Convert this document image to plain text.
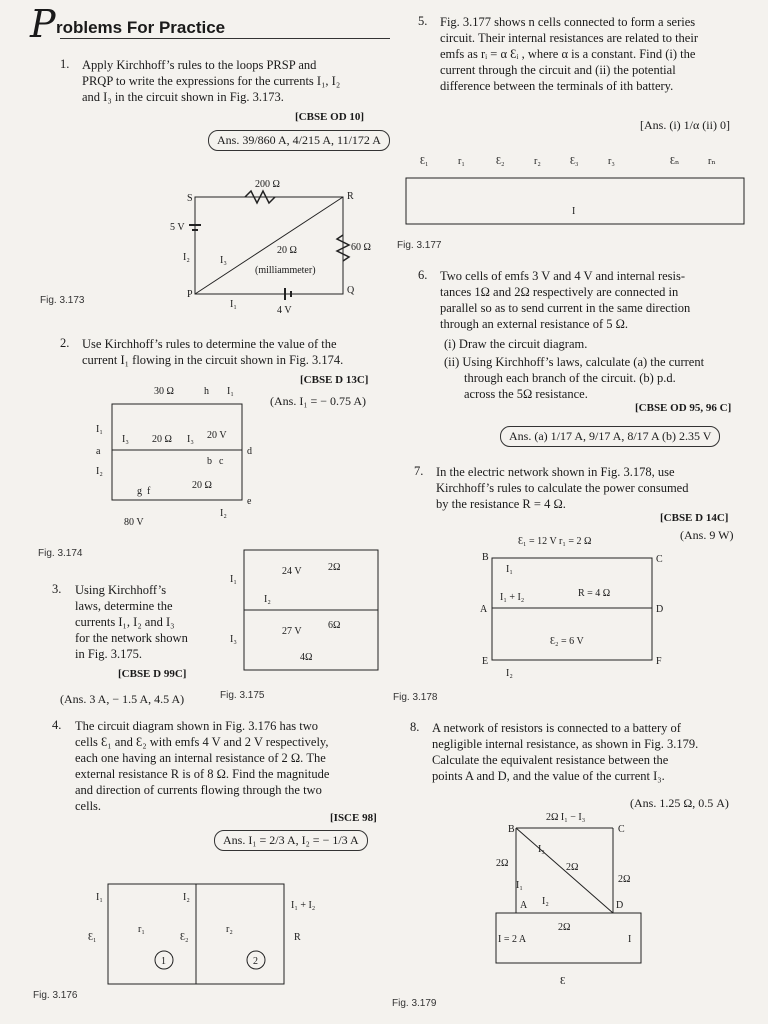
P roblems For Practice
1. Apply Kirchhoff’s rules to the loops PRSP and
PRQP to write the expressions for the currents I₁, I₂
and I₃ in the circuit shown in Fig. 3.173.
[CBSE OD 10]
Ans. 39/860 A, 4/215 A, 11/172 A
Fig. 3.173
200 Ω
S	R
P	Q
5 V
20 Ω
(milliammeter)
60 Ω
4 V
I₂	I₃
I₁
2. Use Kirchhoff’s rules to determine the value of the
current I₁ flowing in the circuit shown in Fig. 3.174.
[CBSE D 13C]
(Ans. I₁ = − 0.75 A)
Fig. 3.174
30 Ω	h I₁
I₁
a
I₃ 20 Ω I₃ 20 V
b c
d
I₂
g f
20 Ω
e
I₂
80 V
3. Using Kirchhoff’s
laws, determine the
currents I₁, I₂ and I₃
for the network shown
in Fig. 3.175.
[CBSE D 99C]
(Ans. 3 A, − 1.5 A, 4.5 A)	Fig. 3.175
24 V	2Ω
I₁
I₂
27 V
6Ω
I₃
4Ω
4. The circuit diagram shown in Fig. 3.176 has two
cells Ɛ₁ and Ɛ₂ with emfs 4 V and 2 V respectively,
each one having an internal resistance of 2 Ω. The
external resistance R is of 8 Ω. Find the magnitude
and direction of currents flowing through the two
cells.
[ISCE 98]
Ans. I₁ = 2/3 A, I₂ = − 1/3 A
Fig. 3.176
I₁	I₂
I₁ + I₂
Ɛ₁
r₁
Ɛ₂
r₂
R
1	2
5. Fig. 3.177 shows n cells connected to form a series
circuit. Their internal resistances are related to their
emfs as rᵢ = α Ɛᵢ , where α is a constant. Find (i) the
current through the circuit and (ii) the potential
difference between the terminals of ith battery.
[Ans. (i) 1/α (ii) 0]
Fig. 3.177
Ɛ₁	r₁	Ɛ₂	r₂	Ɛ₃	r₃	Ɛₙ	rₙ
I
6. Two cells of emfs 3 V and 4 V and internal resis-
tances 1Ω and 2Ω respectively are connected in
parallel so as to send current in the same direction
through an external resistance of 5 Ω.
(i) Draw the circuit diagram.
(ii) Using Kirchhoff’s laws, calculate (a) the current
through each branch of the circuit. (b) p.d.
across the 5Ω resistance.
[CBSE OD 95, 96 C]
Ans. (a) 1/17 A, 9/17 A, 8/17 A (b) 2.35 V
7. In the electric network shown in Fig. 3.178, use
Kirchhoff’s rules to calculate the power consumed
by the resistance R = 4 Ω.
[CBSE D 14C]
(Ans. 9 W)
Fig. 3.178
Ɛ₁ = 12 V r₁ = 2 Ω
B	C
I₁
I₁ + I₂	R = 4 Ω
A	D
Ɛ₂ = 6 V
E	F
I₂
8. A network of resistors is connected to a battery of
negligible internal resistance, as shown in Fig. 3.179.
Calculate the equivalent resistance between the
points A and D, and the value of the current I₃.
(Ans. 1.25 Ω, 0.5 A)
Fig. 3.179
2Ω I₁ − I₃
B	C
I₃
2Ω
I₁
2Ω
2Ω
A I₂	D
2Ω
I = 2 A	I
Ɛ
